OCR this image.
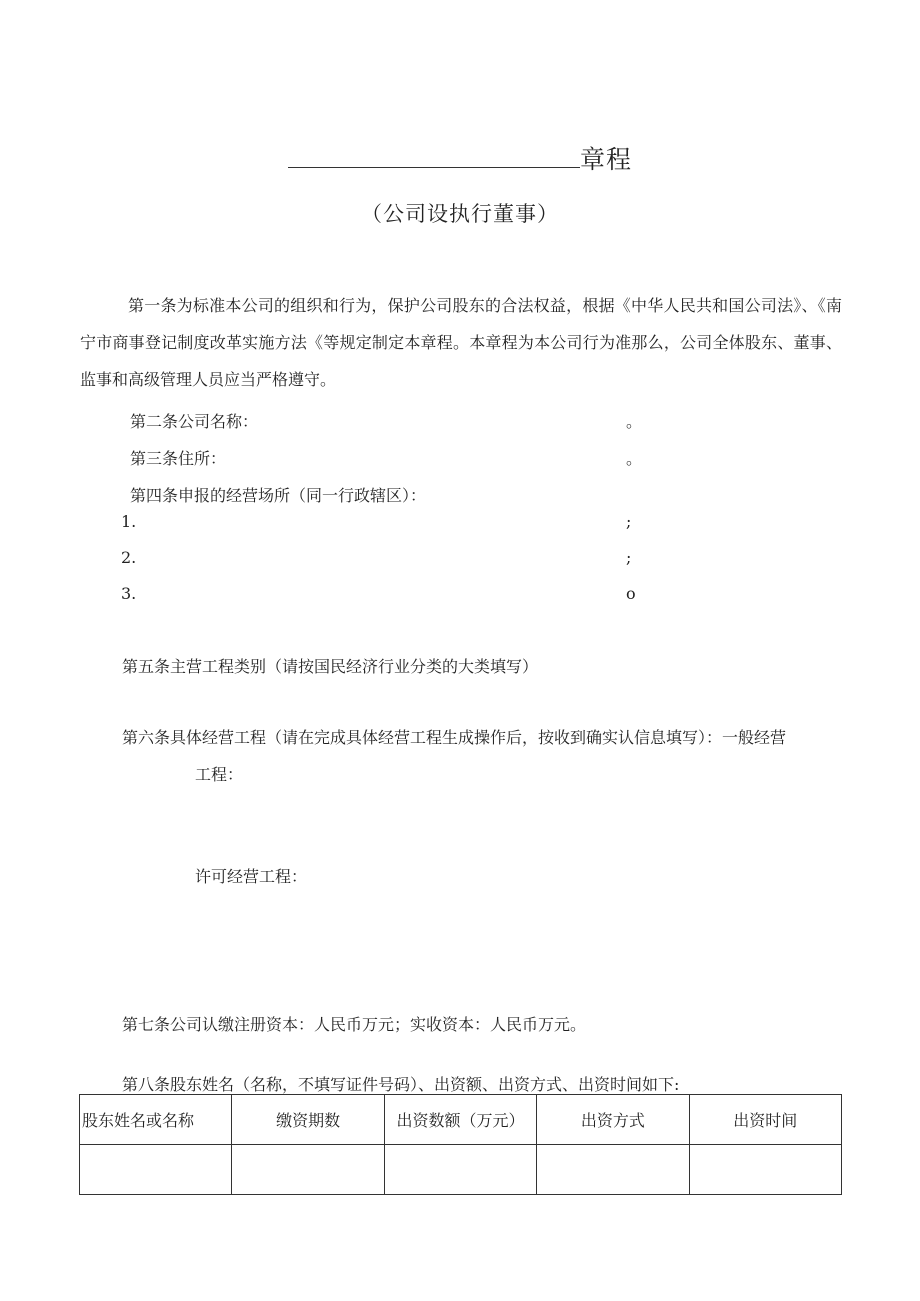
章程
（公司设执行董事）

第一条为标准本公司的组织和行为，保护公司股东的合法权益，根据《中华人民共和国公司法》、《南宁市商事登记制度改革实施方法《等规定制定本章程。本章程为本公司行为准那么，公司全体股东、董事、监事和高级管理人员应当严格遵守。

第二条公司名称：	。
第三条住所：	。
第四条申报的经营场所（同一行政辖区）：
1.	;
2.	;
3.	o
第五条主营工程类别（请按国民经济行业分类的大类填写）
第六条具体经营工程（请在完成具体经营工程生成操作后，按收到确实认信息填写）：一般经营
工程：
许可经营工程：
第七条公司认缴注册资本：人民币万元；实收资本：人民币万元。
第八条股东姓名（名称，不填写证件号码）、出资额、出资方式、出资时间如下:
股东姓名或名称	缴资期数	出资数额（万元）	出资方式	出资时间
